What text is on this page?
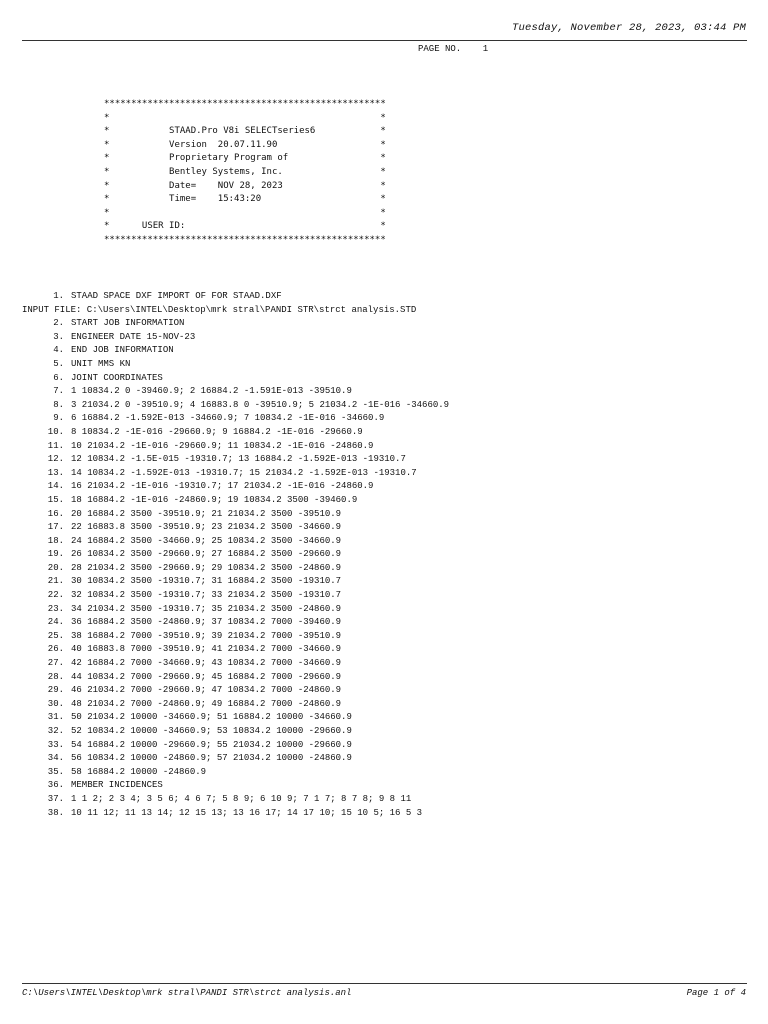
Tuesday, November 28, 2023, 03:44 PM
PAGE NO.    1
****************************************************
*                                                  *
*           STAAD.Pro V8i SELECTseries6            *
*           Version  20.07.11.90                   *
*           Proprietary Program of                 *
*           Bentley Systems, Inc.                  *
*           Date=    NOV 28, 2023                  *
*           Time=    15:43:20                      *
*                                                  *
*      USER ID:                                    *
****************************************************
1. STAAD SPACE DXF IMPORT OF FOR STAAD.DXF
INPUT FILE: C:\Users\INTEL\Desktop\mrk stral\PANDI STR\strct analysis.STD
2. START JOB INFORMATION
3. ENGINEER DATE 15-NOV-23
4. END JOB INFORMATION
5. UNIT MMS KN
6. JOINT COORDINATES
7. 1 10834.2 0 -39460.9; 2 16884.2 -1.591E-013 -39510.9
8. 3 21034.2 0 -39510.9; 4 16883.8 0 -39510.9; 5 21034.2 -1E-016 -34660.9
9. 6 16884.2 -1.592E-013 -34660.9; 7 10834.2 -1E-016 -34660.9
10. 8 10834.2 -1E-016 -29660.9; 9 16884.2 -1E-016 -29660.9
11. 10 21034.2 -1E-016 -29660.9; 11 10834.2 -1E-016 -24860.9
12. 12 10834.2 -1.5E-015 -19310.7; 13 16884.2 -1.592E-013 -19310.7
13. 14 10834.2 -1.592E-013 -19310.7; 15 21034.2 -1.592E-013 -19310.7
14. 16 21034.2 -1E-016 -19310.7; 17 21034.2 -1E-016 -24860.9
15. 18 16884.2 -1E-016 -24860.9; 19 10834.2 3500 -39460.9
16. 20 16884.2 3500 -39510.9; 21 21034.2 3500 -39510.9
17. 22 16883.8 3500 -39510.9; 23 21034.2 3500 -34660.9
18. 24 16884.2 3500 -34660.9; 25 10834.2 3500 -34660.9
19. 26 10834.2 3500 -29660.9; 27 16884.2 3500 -29660.9
20. 28 21034.2 3500 -29660.9; 29 10834.2 3500 -24860.9
21. 30 10834.2 3500 -19310.7; 31 16884.2 3500 -19310.7
22. 32 10834.2 3500 -19310.7; 33 21034.2 3500 -19310.7
23. 34 21034.2 3500 -19310.7; 35 21034.2 3500 -24860.9
24. 36 16884.2 3500 -24860.9; 37 10834.2 7000 -39460.9
25. 38 16884.2 7000 -39510.9; 39 21034.2 7000 -39510.9
26. 40 16883.8 7000 -39510.9; 41 21034.2 7000 -34660.9
27. 42 16884.2 7000 -34660.9; 43 10834.2 7000 -34660.9
28. 44 10834.2 7000 -29660.9; 45 16884.2 7000 -29660.9
29. 46 21034.2 7000 -29660.9; 47 10834.2 7000 -24860.9
30. 48 21034.2 7000 -24860.9; 49 16884.2 7000 -24860.9
31. 50 21034.2 10000 -34660.9; 51 16884.2 10000 -34660.9
32. 52 10834.2 10000 -34660.9; 53 10834.2 10000 -29660.9
33. 54 16884.2 10000 -29660.9; 55 21034.2 10000 -29660.9
34. 56 10834.2 10000 -24860.9; 57 21034.2 10000 -24860.9
35. 58 16884.2 10000 -24860.9
36. MEMBER INCIDENCES
37. 1 1 2; 2 3 4; 3 5 6; 4 6 7; 5 8 9; 6 10 9; 7 1 7; 8 7 8; 9 8 11
38. 10 11 12; 11 13 14; 12 15 13; 13 16 17; 14 17 10; 15 10 5; 16 5 3
C:\Users\INTEL\Desktop\mrk stral\PANDI STR\strct analysis.anl	Page 1 of 4
